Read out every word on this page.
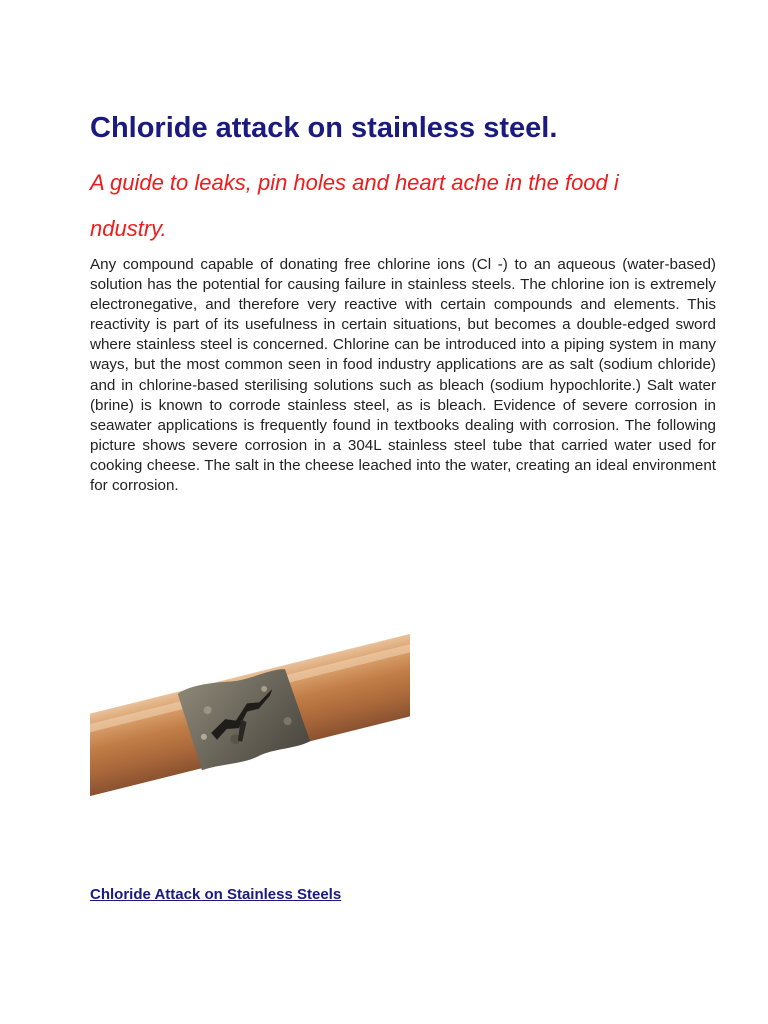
Chloride attack on stainless steel.

A guide to leaks, pin holes and heart ache in the food i ndustry.

Any compound capable of donating free chlorine ions (Cl -) to an aqueous (water-based) solution has the potential for causing failure in stainless steels. The chlorine ion is extremely electronegative, and therefore very reactive with certain compounds and elements. This reactivity is part of its usefulness in certain situations, but becomes a double-edged sword where stainless steel is concerned. Chlorine can be introduced into a piping system in many ways, but the most common seen in food industry applications are as salt (sodium chloride) and in chlorine-based sterilising solutions such as bleach (sodium hypochlorite.) Salt water (brine) is known to corrode stainless steel, as is bleach. Evidence of severe corrosion in seawater applications is frequently found in textbooks dealing with corrosion. The following picture shows severe corrosion in a 304L stainless steel tube that carried water used for cooking cheese. The salt in the cheese leached into the water, creating an ideal environment for corrosion.

Chloride Attack on Stainless Steels
